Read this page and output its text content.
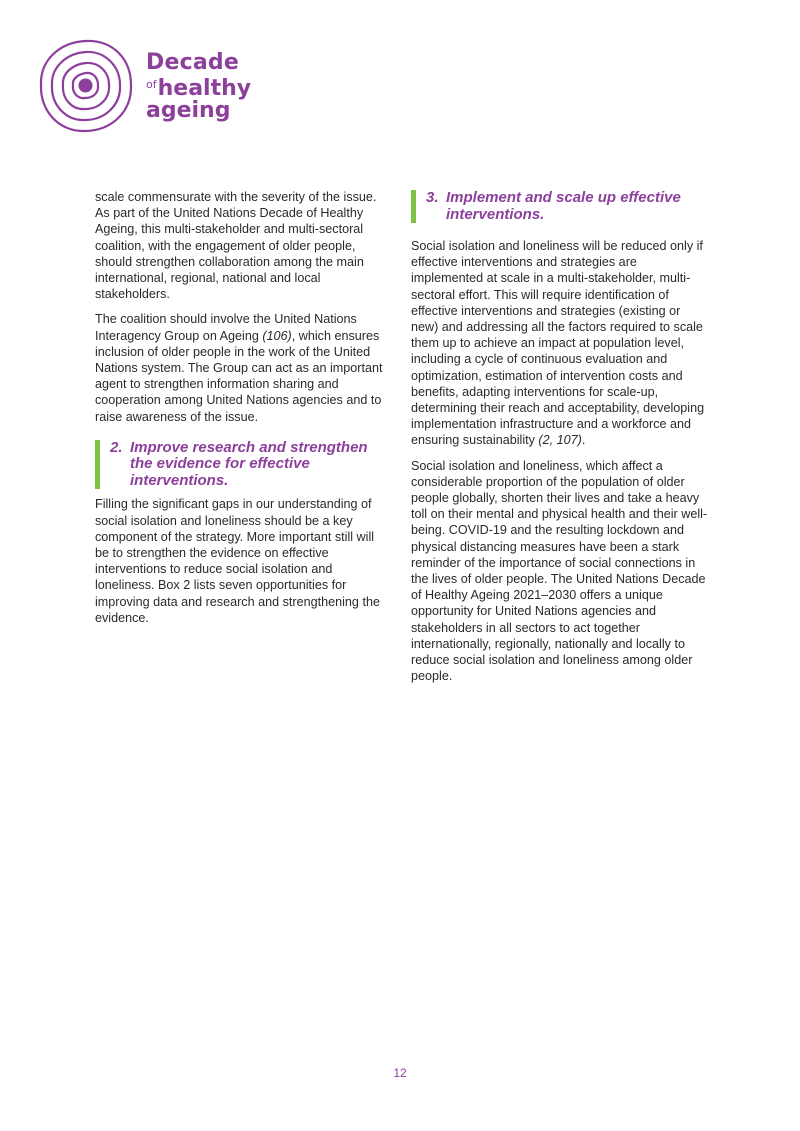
Decade
$^{of}$healthy
ageing

scale commensurate with the severity of the issue. As part of the United Nations Decade of Healthy Ageing, this multi-stakeholder and multi-sectoral coalition, with the engagement of older people, should strengthen collaboration among the main international, regional, national and local stakeholders.

The coalition should involve the United Nations Interagency Group on Ageing (106), which ensures inclusion of older people in the work of the United Nations system. The Group can act as an important agent to strengthen information sharing and cooperation among United Nations agencies and to raise awareness of the issue.

2. Improve research and strengthen the evidence for effective interventions.

Filling the significant gaps in our understanding of social isolation and loneliness should be a key component of the strategy. More important still will be to strengthen the evidence on effective interventions to reduce social isolation and loneliness. Box 2 lists seven opportunities for improving data and research and strengthening the evidence.

3. Implement and scale up effective interventions.

Social isolation and loneliness will be reduced only if effective interventions and strategies are implemented at scale in a multi-stakeholder, multi-sectoral effort. This will require identification of effective interventions and strategies (existing or new) and addressing all the factors required to scale them up to achieve an impact at population level, including a cycle of continuous evaluation and optimization, estimation of intervention costs and benefits, adapting interventions for scale-up, determining their reach and acceptability, developing implementation infrastructure and a workforce and ensuring sustainability (2, 107).

Social isolation and loneliness, which affect a considerable proportion of the population of older people globally, shorten their lives and take a heavy toll on their mental and physical health and their well-being. COVID-19 and the resulting lockdown and physical distancing measures have been a stark reminder of the importance of social connections in the lives of older people. The United Nations Decade of Healthy Ageing 2021–2030 offers a unique opportunity for United Nations agencies and stakeholders in all sectors to act together internationally, regionally, nationally and locally to reduce social isolation and loneliness among older people.

12
